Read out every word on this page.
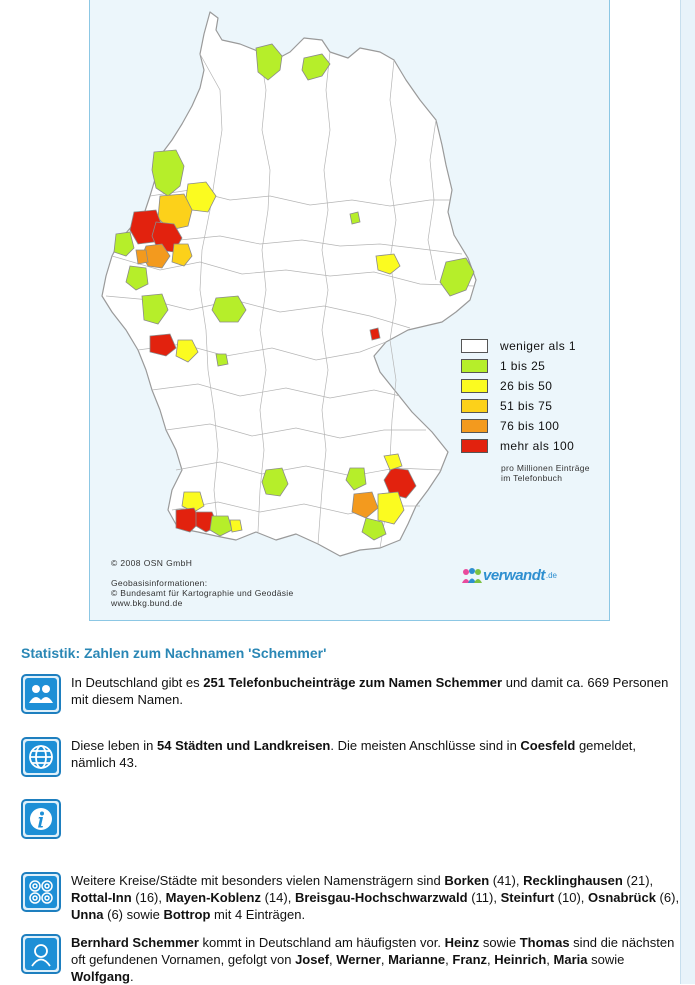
weniger als 1
1 bis 25
26 bis 50
51 bis 75
76 bis 100
mehr als 100
pro Millionen Einträge
im Telefonbuch
© 2008 OSN GmbH
Geobasisinformationen:
© Bundesamt für Kartographie und Geodäsie
www.bkg.bund.de
verwandt .de
Statistik: Zahlen zum Nachnamen 'Schemmer'
In Deutschland gibt es 251 Telefonbucheinträge zum Namen Schemmer und damit ca. 669 Personen mit diesem Namen.
Diese leben in 54 Städten und Landkreisen. Die meisten Anschlüsse sind in Coesfeld gemeldet, nämlich 43.
Weitere Kreise/Städte mit besonders vielen Namensträgern sind Borken (41), Recklinghausen (21), Rottal-Inn (16), Mayen-Koblenz (14), Breisgau-Hochschwarzwald (11), Steinfurt (10), Osnabrück (6), Unna (6) sowie Bottrop mit 4 Einträgen.
Bernhard Schemmer kommt in Deutschland am häufigsten vor. Heinz sowie Thomas sind die nächsten oft gefundenen Vornamen, gefolgt von Josef, Werner, Marianne, Franz, Heinrich, Maria sowie Wolfgang.
